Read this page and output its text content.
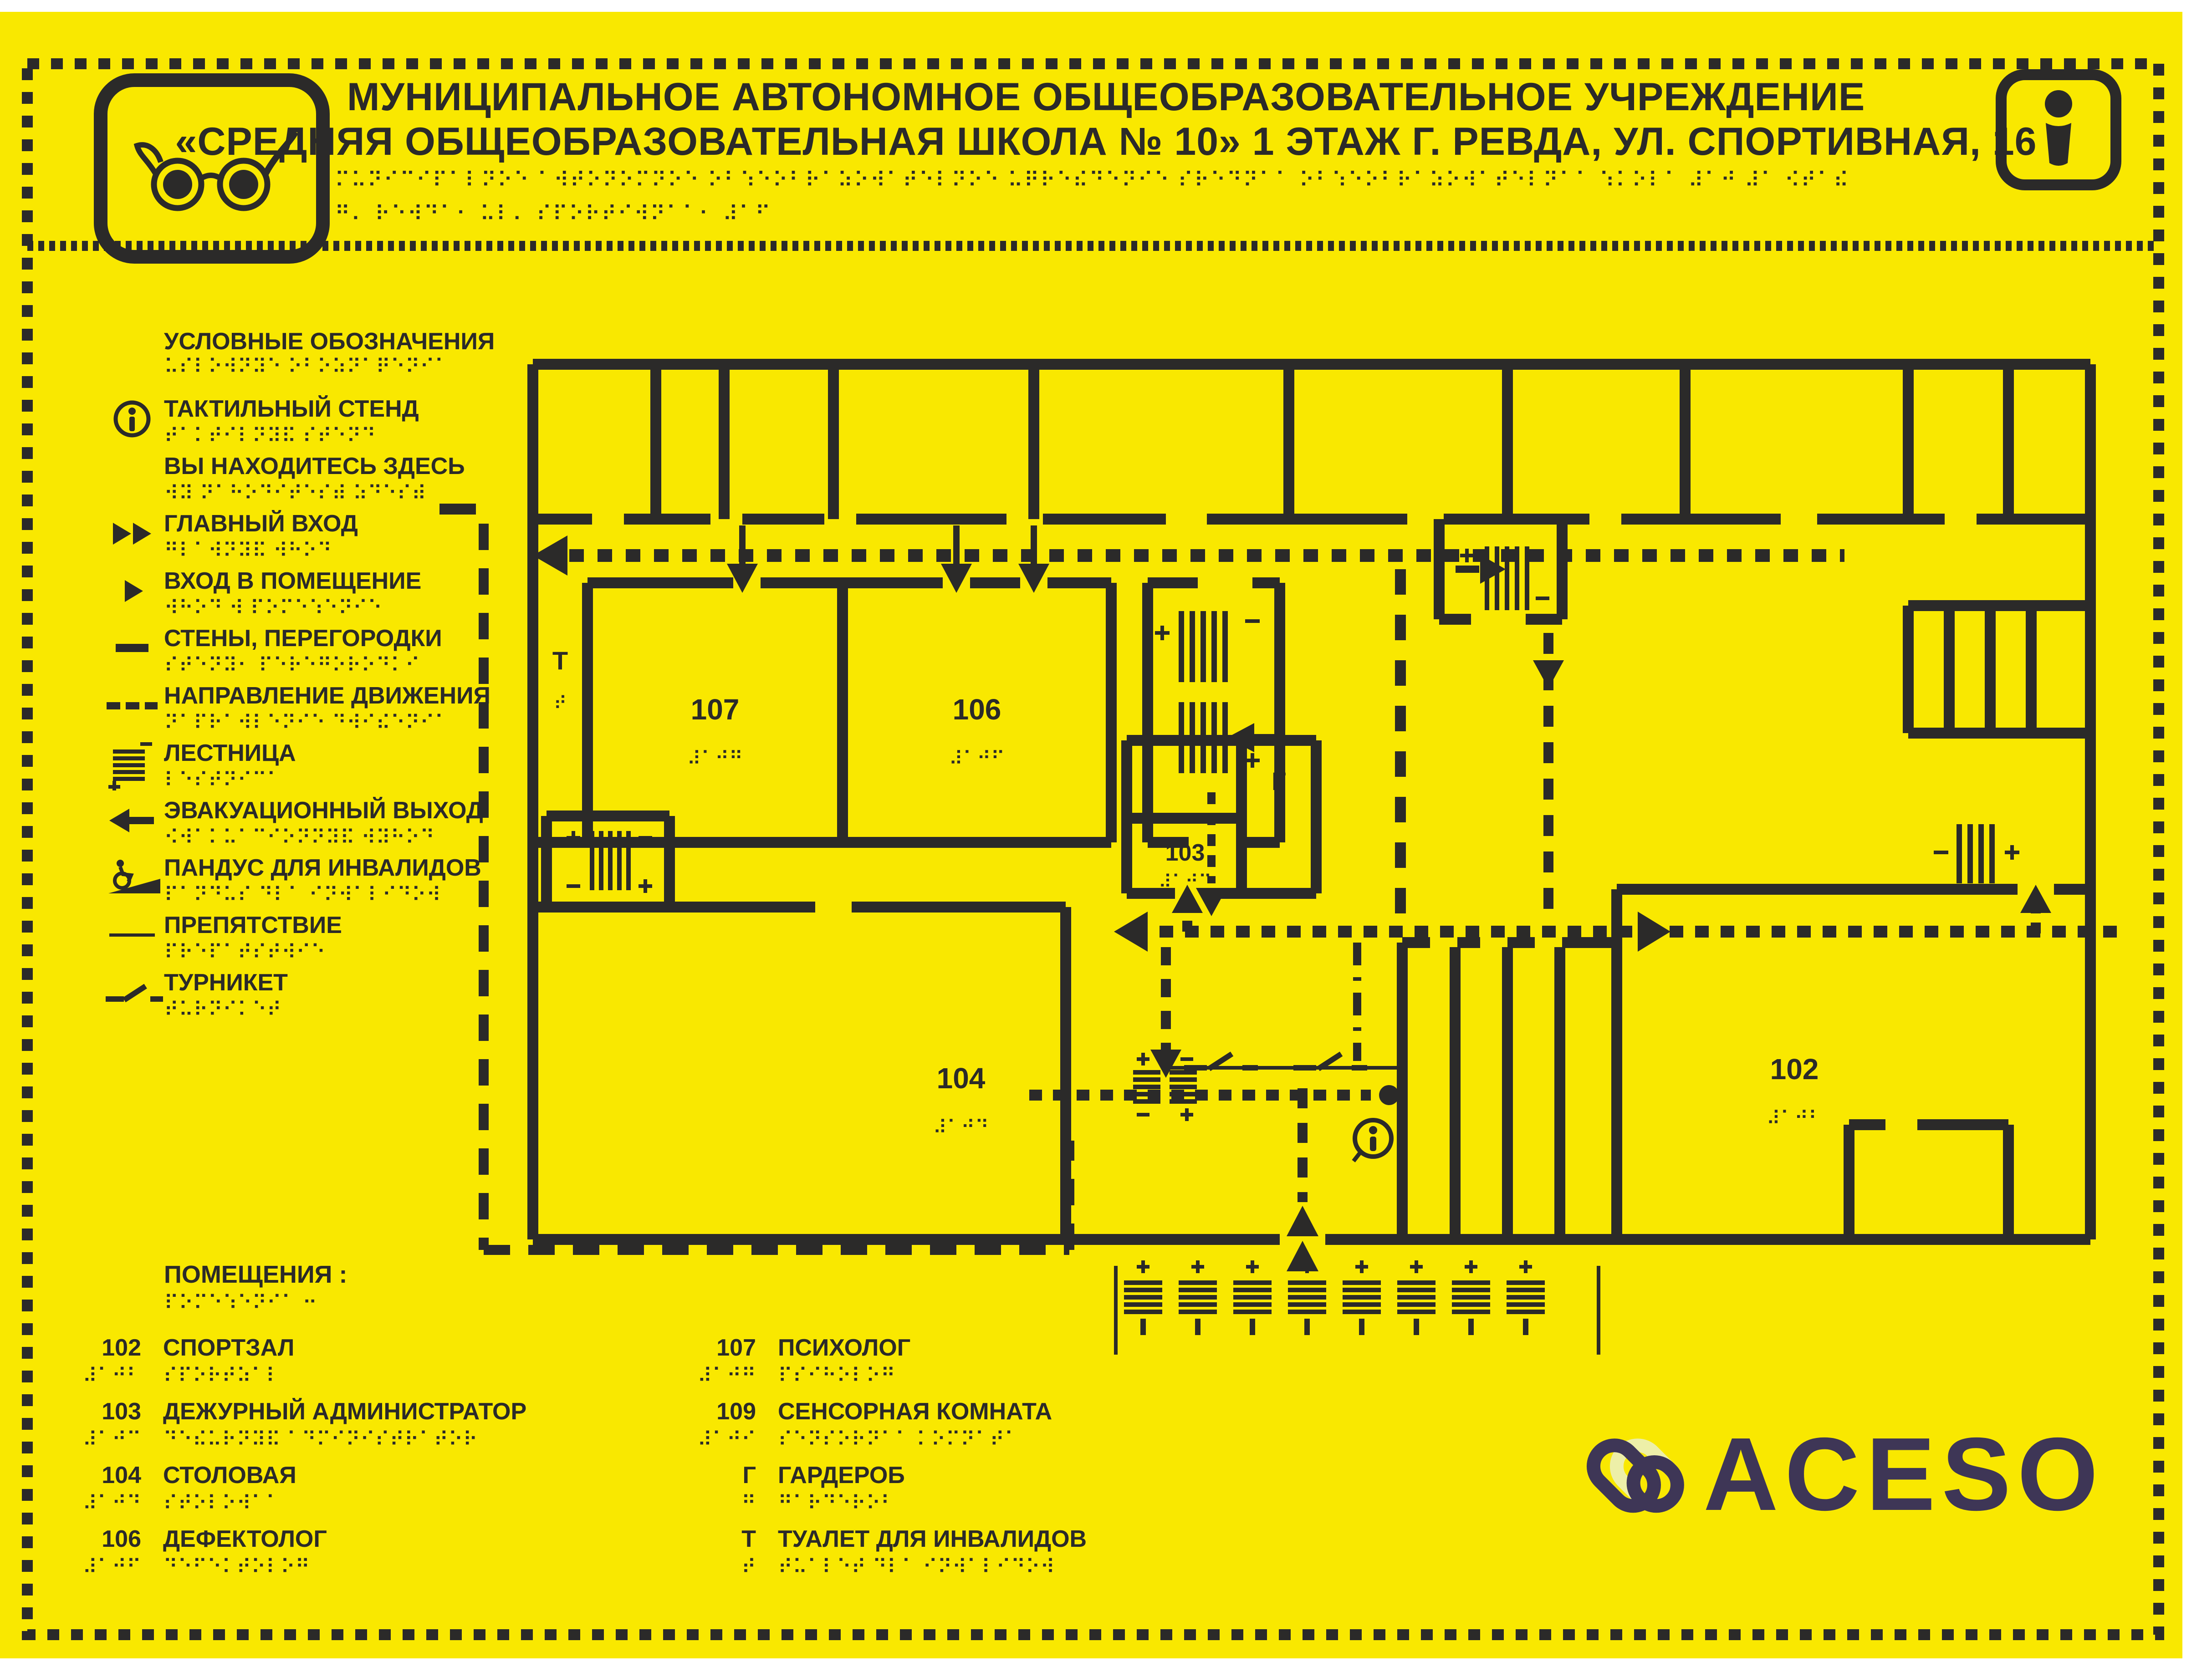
МУНИЦИПАЛЬНОЕ АВТОНОМНОЕ ОБЩЕОБРАЗОВАТЕЛЬНОЕ УЧРЕЖДЕНИЕ
«СРЕДНЯЯ ОБЩЕОБРАЗОВАТЕЛЬНАЯ ШКОЛА № 10» 1 ЭТАЖ Г. РЕВДА, УЛ. СПОРТИВНАЯ, 16
⠍⠥⠝⠊⠉⠊⠏⠁⠇⠝⠕⠑ ⠁⠺⠞⠕⠝⠕⠍⠝⠕⠑ ⠕⠃⠱⠑⠕⠃⠗⠁⠵⠕⠺⠁⠞⠑⠇⠝⠕⠑ ⠥⠟⠗⠑⠮⠙⠑⠝⠊⠑ ⠎⠗⠑⠙⠝⠁⠁ ⠕⠃⠱⠑⠕⠃⠗⠁⠵⠕⠺⠁⠞⠑⠇⠝⠁⠁ ⠱⠅⠕⠇⠁ ⠼⠁⠚ ⠼⠁ ⠪⠞⠁⠮
⠛⠄ ⠗⠑⠺⠙⠁⠂ ⠥⠇⠄ ⠎⠏⠕⠗⠞⠊⠺⠝⠁⠁⠂ ⠼⠁⠋
УСЛОВНЫЕ ОБОЗНАЧЕНИЯ
⠥⠎⠇⠕⠺⠝⠽⠑ ⠕⠃⠕⠵⠝⠁⠟⠑⠝⠊⠁
ТАКТИЛЬНЫЙ СТЕНД
⠞⠁⠅⠞⠊⠇⠝⠽⠯ ⠎⠞⠑⠝⠙
ВЫ НАХОДИТЕСЬ ЗДЕСЬ
⠺⠽ ⠝⠁⠓⠕⠙⠊⠞⠑⠎⠾ ⠵⠙⠑⠎⠾
ГЛАВНЫЙ ВХОД
⠛⠇⠁⠺⠝⠽⠯ ⠺⠓⠕⠙
ВХОД В ПОМЕЩЕНИЕ
⠺⠓⠕⠙ ⠺ ⠏⠕⠍⠑⠱⠑⠝⠊⠑
СТЕНЫ, ПЕРЕГОРОДКИ
⠎⠞⠑⠝⠽⠂ ⠏⠑⠗⠑⠛⠕⠗⠕⠙⠅⠊
НАПРАВЛЕНИЕ ДВИЖЕНИЯ
⠝⠁⠏⠗⠁⠺⠇⠑⠝⠊⠑ ⠙⠺⠊⠮⠑⠝⠊⠁
ЛЕСТНИЦА
⠇⠑⠎⠞⠝⠊⠉⠁
ЭВАКУАЦИОННЫЙ ВЫХОД
⠪⠺⠁⠅⠥⠁⠉⠊⠕⠝⠝⠽⠯ ⠺⠽⠓⠕⠙
ПАНДУС ДЛЯ ИНВАЛИДОВ
⠏⠁⠝⠙⠥⠎ ⠙⠇⠁ ⠊⠝⠺⠁⠇⠊⠙⠕⠺
ПРЕПЯТСТВИЕ
⠏⠗⠑⠏⠁⠞⠎⠞⠺⠊⠑
ТУРНИКЕТ
⠞⠥⠗⠝⠊⠅⠑⠞
Т
⠞	107
⠼⠁⠚⠛
106
⠼⠁⠚⠋
Г
⠛
103
⠼⠁⠚⠉
104
⠼⠁⠚⠙
102
⠼⠁⠚⠃
ПОМЕЩЕНИЯ :
⠏⠕⠍⠑⠱⠑⠝⠊⠁ ⠒
102
⠼⠁⠚⠃
СПОРТЗАЛ
⠎⠏⠕⠗⠞⠵⠁⠇
103
⠼⠁⠚⠉
ДЕЖУРНЫЙ АДМИНИСТРАТОР
⠙⠑⠮⠥⠗⠝⠽⠯ ⠁⠙⠍⠊⠝⠊⠎⠞⠗⠁⠞⠕⠗
104
⠼⠁⠚⠙
СТОЛОВАЯ
⠎⠞⠕⠇⠕⠺⠁⠁
106
⠼⠁⠚⠋
ДЕФЕКТОЛОГ
⠙⠑⠋⠑⠅⠞⠕⠇⠕⠛
107
⠼⠁⠚⠛
ПСИХОЛОГ
⠏⠎⠊⠓⠕⠇⠕⠛
109
⠼⠁⠚⠊
СЕНСОРНАЯ КОМНАТА
⠎⠑⠝⠎⠕⠗⠝⠁⠁ ⠅⠕⠍⠝⠁⠞⠁
Г
⠛
ГАРДЕРОБ
⠛⠁⠗⠙⠑⠗⠕⠃
Т
⠞
ТУАЛЕТ ДЛЯ ИНВАЛИДОВ
⠞⠥⠁⠇⠑⠞ ⠙⠇⠁ ⠊⠝⠺⠁⠇⠊⠙⠕⠺
ACESO
